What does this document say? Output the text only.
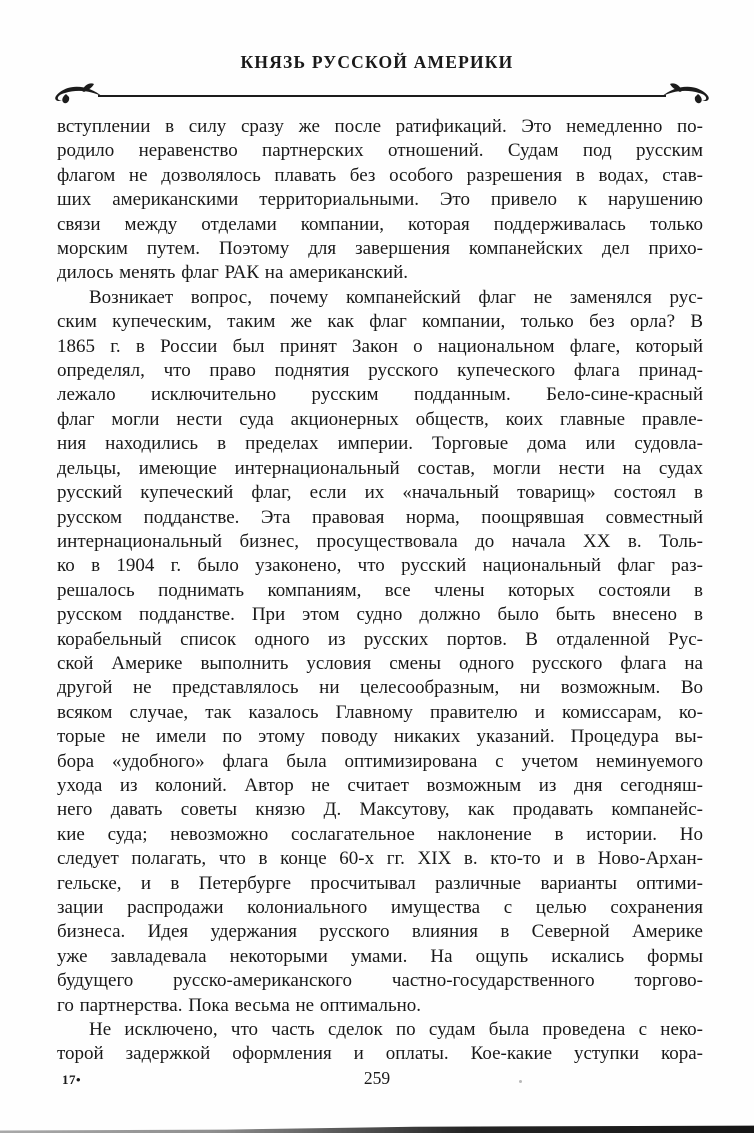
КНЯЗЬ РУССКОЙ АМЕРИКИ
вступлении в силу сразу же после ратификаций. Это немедленно по-
родило неравенство партнерских отношений. Судам под русским
флагом не дозволялось плавать без особого разрешения в водах, став-
ших американскими территориальными. Это привело к нарушению
связи между отделами компании, которая поддерживалась только
морским путем. Поэтому для завершения компанейских дел прихо-
дилось менять флаг РАК на американский.
Возникает вопрос, почему компанейский флаг не заменялся рус-
ским купеческим, таким же как флаг компании, только без орла? В
1865 г. в России был принят Закон о национальном флаге, который
определял, что право поднятия русского купеческого флага принад-
лежало исключительно русским подданным. Бело-сине-красный
флаг могли нести суда акционерных обществ, коих главные правле-
ния находились в пределах империи. Торговые дома или судовла-
дельцы, имеющие интернациональный состав, могли нести на судах
русский купеческий флаг, если их «начальный товарищ» состоял в
русском подданстве. Эта правовая норма, поощрявшая совместный
интернациональный бизнес, просуществовала до начала XX в. Толь-
ко в 1904 г. было узаконено, что русский национальный флаг раз-
решалось поднимать компаниям, все члены которых состояли в
русском подданстве. При этом судно должно было быть внесено в
корабельный список одного из русских портов. В отдаленной Рус-
ской Америке выполнить условия смены одного русского флага на
другой не представлялось ни целесообразным, ни возможным. Во
всяком случае, так казалось Главному правителю и комиссарам, ко-
торые не имели по этому поводу никаких указаний. Процедура вы-
бора «удобного» флага была оптимизирована с учетом неминуемого
ухода из колоний. Автор не считает возможным из дня сегодняш-
него давать советы князю Д. Максутову, как продавать компанейс-
кие суда; невозможно сослагательное наклонение в истории. Но
следует полагать, что в конце 60-х гг. XIX в. кто-то и в Ново-Архан-
гельске, и в Петербурге просчитывал различные варианты оптими-
зации распродажи колониального имущества с целью сохранения
бизнеса. Идея удержания русского влияния в Северной Америке
уже завладевала некоторыми умами. На ощупь искались формы
будущего русско-американского частно-государственного торгово-
го партнерства. Пока весьма не оптимально.
Не исключено, что часть сделок по судам была проведена с неко-
торой задержкой оформления и оплаты. Кое-какие уступки кора-
17•	259
